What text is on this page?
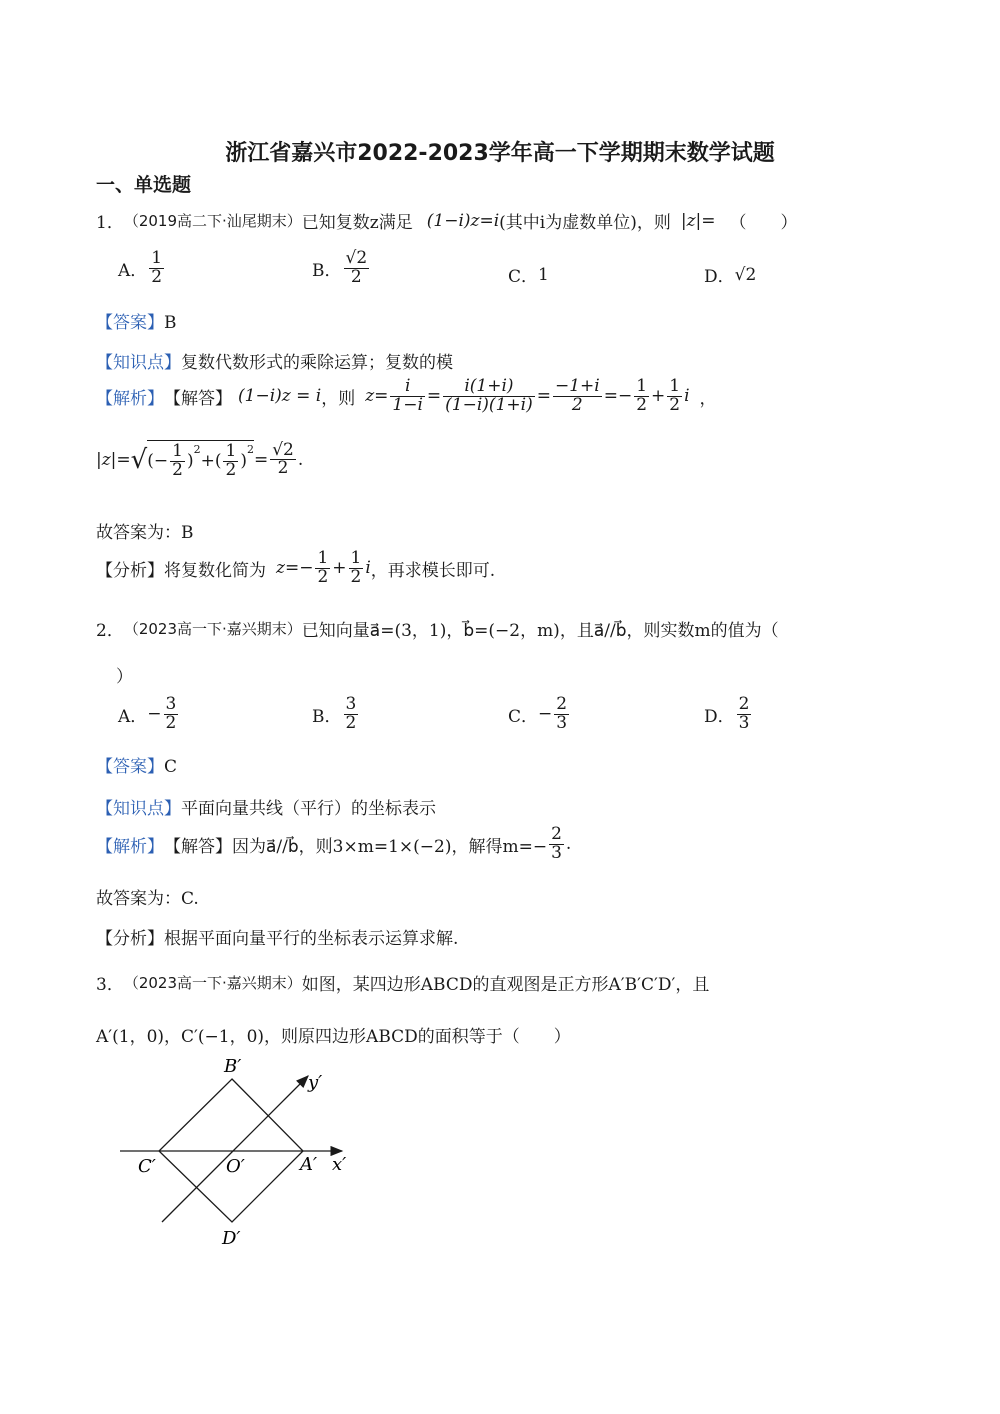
浙江省嘉兴市2022-2023学年高一下学期期末数学试题
一、单选题
1． （2019高二下·汕尾期末） 已知复数z满足 (1−i)z=i (其中i为虚数单位)，则 |z|= （　　）
A． $\frac{1}{2}$	B． $\frac{√2}{2}$	C． 1	D． √2
【答案】B
【知识点】复数代数形式的乘除运算；复数的模
【解析】 【解答】 (1−i)z = i ，则 $z= \frac{i}{1-i} = \frac{i(1+i)}{(1-i)(1+i)} = \frac{-1+i}{2}$ = − $\frac{1}{2} + \frac{1}{2}$ i ，
|z|= √ (− $\frac{1}{2}$ )
$^2$
+( $\frac{1}{2}$ )
$^2$
= $\frac{√2}{2}$ .
故答案为：B
【分析】 将复数化简为 $z=- \frac{1}{2} + \frac{1}{2}$ i ，再求模长即可.
2． （2023高一下·嘉兴期末） 已知向量a⃗=(3，1)，b⃗=(−2，m)，且a⃗//b⃗，则实数m的值为（
）
A． − $\frac{3}{2}$	B． $\frac{3}{2}$	C． − $\frac{2}{3}$	D． $\frac{2}{3}$
【答案】C
【知识点】平面向量共线（平行）的坐标表示
【解析】 【解答】因为a⃗//b⃗，则3×m=1×(−2)，解得$m=- \frac{2}{3}$ .
故答案为：C.
【分析】根据平面向量平行的坐标表示运算求解.
3． （2023高一下·嘉兴期末） 如图，某四边形ABCD的直观图是正方形A′B′C′D′，且
A′(1，0)，C′(−1，0)，则原四边形ABCD的面积等于（　　）
B′
y′
C′	O′	A′ x′
D′
